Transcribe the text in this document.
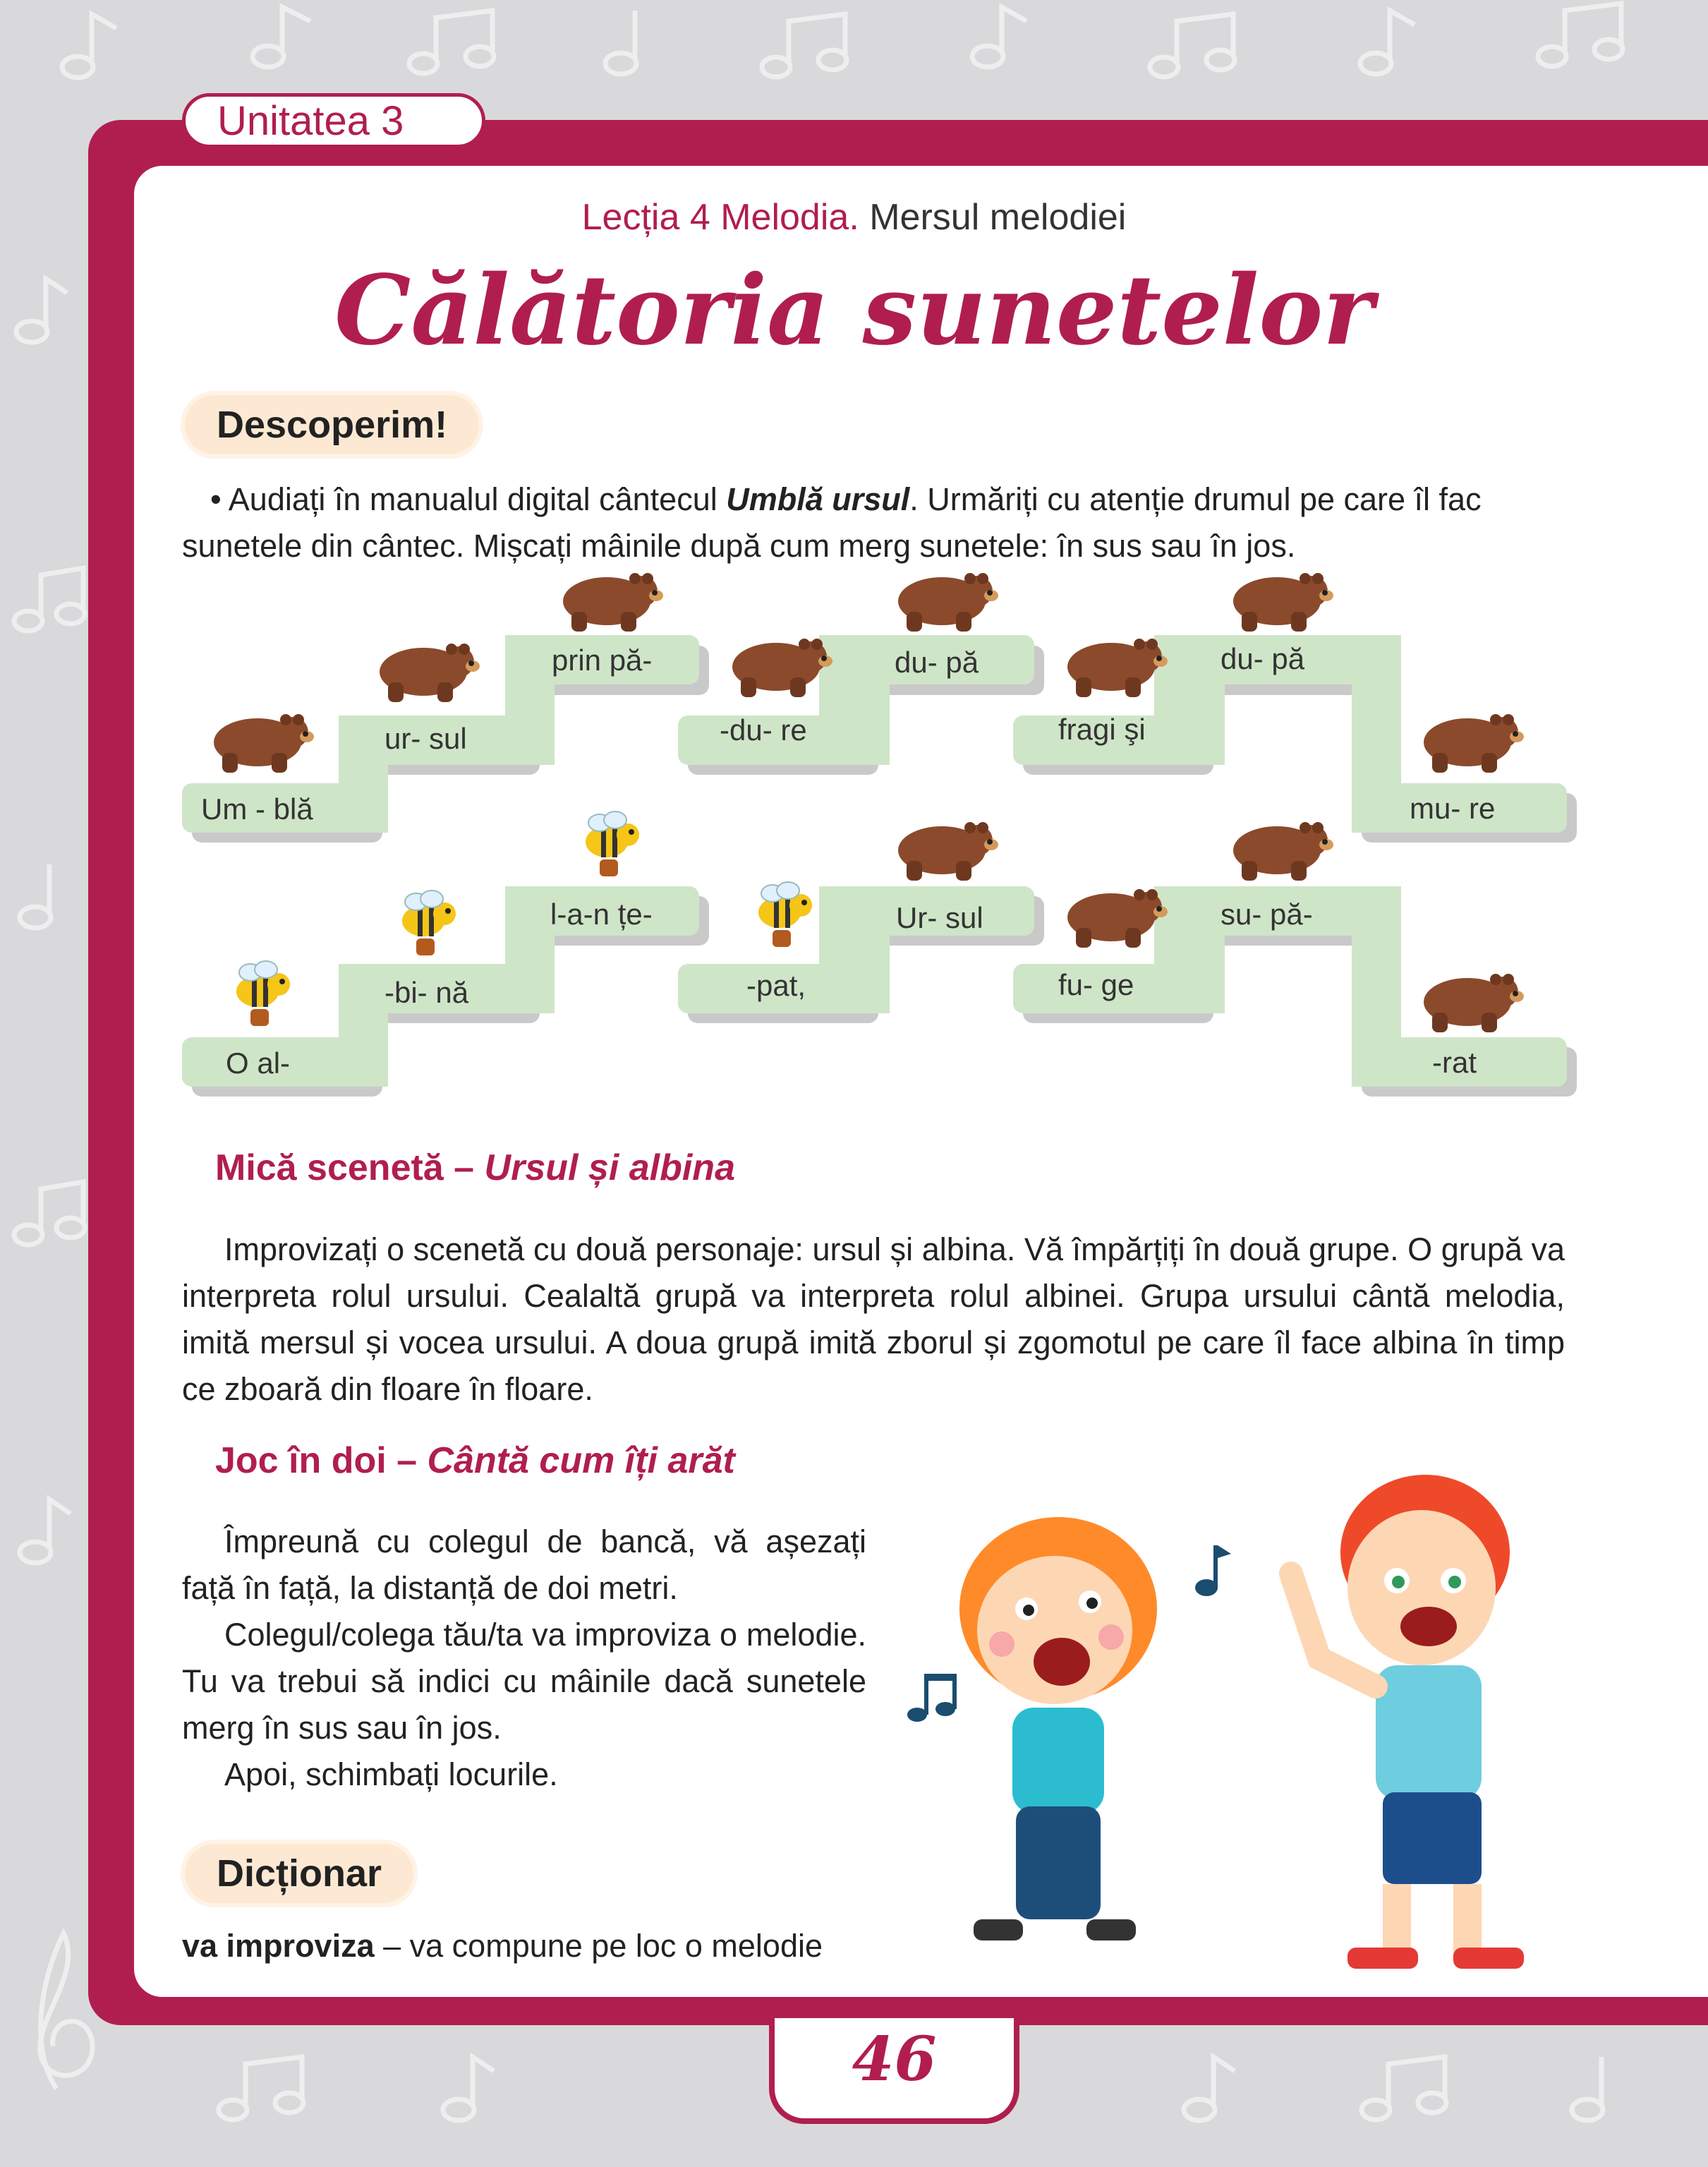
Unitatea 3
Lecția 4 Melodia. Mersul melodiei
Călătoria sunetelor
Descoperim!
• Audiați în manualul digital cântecul Umblă ursul. Urmăriți cu atenție drumul pe care îl fac sunetele din cântec. Mișcați mâinile după cum merg sunetele: în sus sau în jos.
Um - blă
ur- sul
prin pă-
-du- re
du- pă
fragi şi
du- pă
mu- re
O al-
-bi- nă
l-a-n țe-
-pat,
Ur- sul
fu- ge
su- pă-
-rat
Mică scenetă – Ursul și albina
Improvizați o scenetă cu două personaje: ursul și albina. Vă împărțiți în două grupe. O grupă va interpreta rolul ursului. Cealaltă grupă va interpreta rolul albinei. Grupa ursului cântă melodia, imită mersul și vocea ursului. A doua grupă imită zborul și zgomotul pe care îl face albina în timp ce zboară din floare în floare.
Joc în doi – Cântă cum îți arăt
Împreună cu colegul de bancă, vă așezați față în față, la distanță de doi metri.
Colegul/colega tău/ta va improviza o melodie. Tu va trebui să indici cu mâinile dacă sunetele merg în sus sau în jos.
Apoi, schimbați locurile.
Dicționar
va improviza – va compune pe loc o melodie
46
